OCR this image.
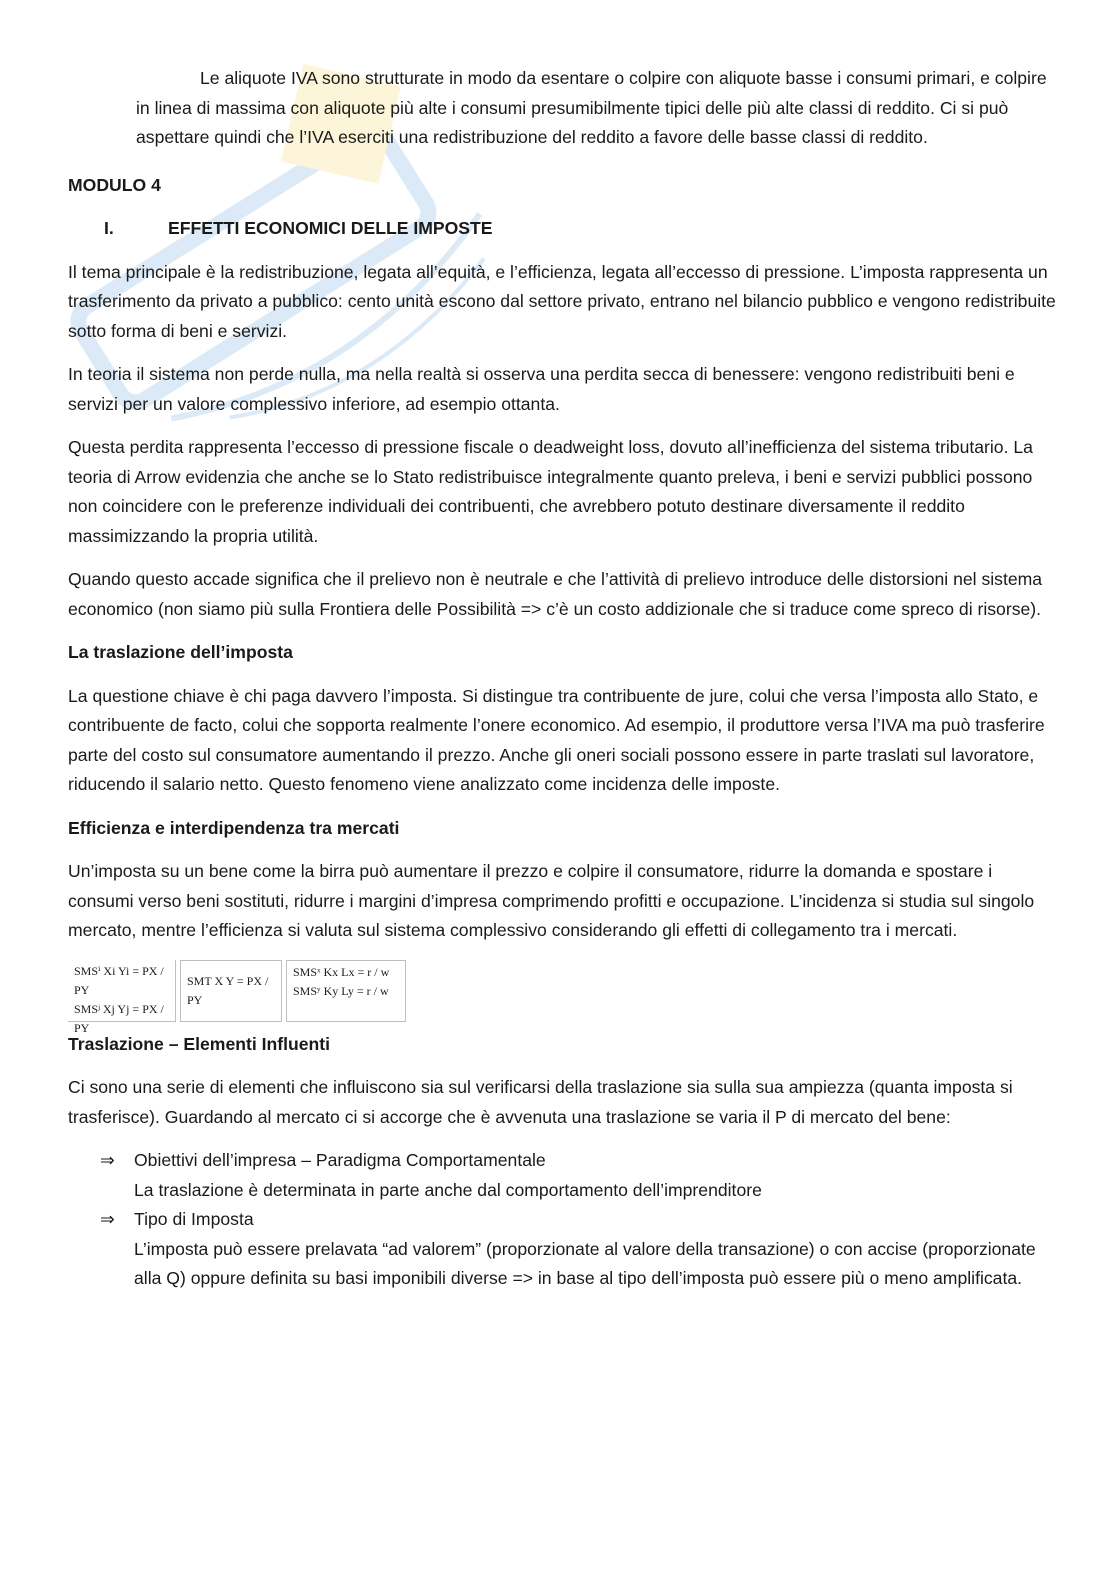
Le aliquote IVA sono strutturate in modo da esentare o colpire con aliquote basse i consumi primari, e colpire in linea di massima con aliquote più alte i consumi presumibilmente tipici delle più alte classi di reddito. Ci si può aspettare quindi che l’IVA eserciti una redistribuzione del reddito a favore delle basse classi di reddito.

MODULO 4
I.	EFFETTI ECONOMICI DELLE IMPOSTE

Il tema principale è la redistribuzione, legata all’equità, e l’efficienza, legata all’eccesso di pressione. L’imposta rappresenta un trasferimento da privato a pubblico: cento unità escono dal settore privato, entrano nel bilancio pubblico e vengono redistribuite sotto forma di beni e servizi.

In teoria il sistema non perde nulla, ma nella realtà si osserva una perdita secca di benessere: vengono redistribuiti beni e servizi per un valore complessivo inferiore, ad esempio ottanta.

Questa perdita rappresenta l’eccesso di pressione fiscale o deadweight loss, dovuto all’inefficienza del sistema tributario. La teoria di Arrow evidenzia che anche se lo Stato redistribuisce integralmente quanto preleva, i beni e servizi pubblici possono non coincidere con le preferenze individuali dei contribuenti, che avrebbero potuto destinare diversamente il reddito massimizzando la propria utilità.

Quando questo accade significa che il prelievo non è neutrale e che l’attività di prelievo introduce delle distorsioni nel sistema economico (non siamo più sulla Frontiera delle Possibilità => c’è un costo addizionale che si traduce come spreco di risorse).

La traslazione dell’imposta

La questione chiave è chi paga davvero l’imposta. Si distingue tra contribuente de jure, colui che versa l’imposta allo Stato, e contribuente de facto, colui che sopporta realmente l’onere economico. Ad esempio, il produttore versa l’IVA ma può trasferire parte del costo sul consumatore aumentando il prezzo. Anche gli oneri sociali possono essere in parte traslati sul lavoratore, riducendo il salario netto. Questo fenomeno viene analizzato come incidenza delle imposte.

Efficienza e interdipendenza tra mercati

Un’imposta su un bene come la birra può aumentare il prezzo e colpire il consumatore, ridurre la domanda e spostare i consumi verso beni sostituti, ridurre i margini d’impresa comprimendo profitti e occupazione. L’incidenza si studia sul singolo mercato, mentre l’efficienza si valuta sul sistema complessivo considerando gli effetti di collegamento tra i mercati.

SMSⁱ Xi Yi = PX / PY
SMSʲ Xj Yj = PX / PY
SMT X Y = PX / PY
SMSˣ Kx Lx = r / w
SMSʸ Ky Ly = r / w
Traslazione – Elementi Influenti

Ci sono una serie di elementi che influiscono sia sul verificarsi della traslazione sia sulla sua ampiezza (quanta imposta si trasferisce). Guardando al mercato ci si accorge che è avvenuta una traslazione se varia il P di mercato del bene:

⇒	Obiettivi dell’impresa – Paradigma Comportamentale
La traslazione è determinata in parte anche dal comportamento dell’imprenditore
⇒	Tipo di Imposta
L’imposta può essere prelavata “ad valorem” (proporzionate al valore della transazione) o con accise (proporzionate alla Q) oppure definita su basi imponibili diverse => in base al tipo dell’imposta può essere più o meno amplificata.
